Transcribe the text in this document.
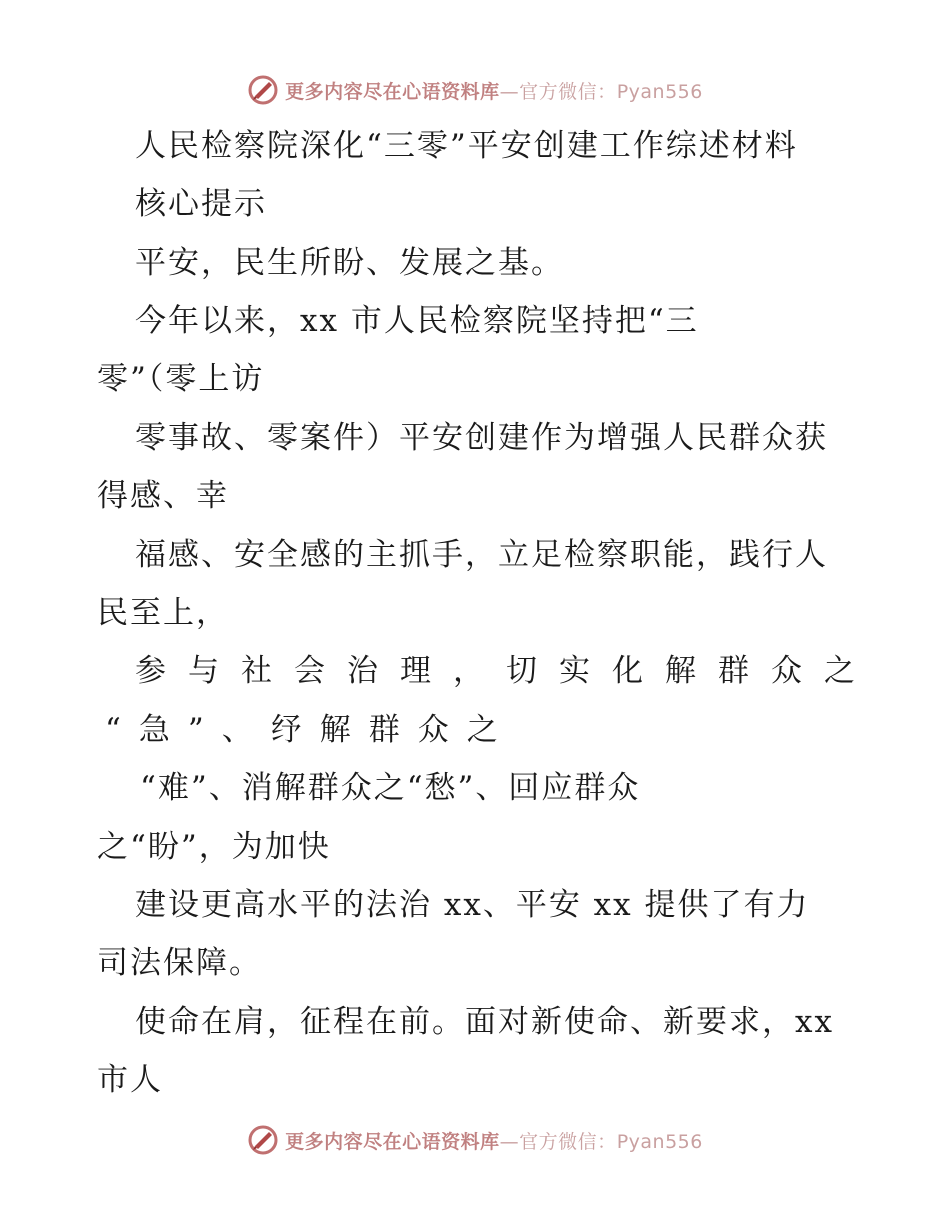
更多内容尽在心语资料库—官方微信：Pyan556
人民检察院深化“三零”平安创建工作综述材料
核心提示
平安，民生所盼、发展之基。
今年以来，xx 市人民检察院坚持把“三
零”（零上访
零事故、零案件）平安创建作为增强人民群众获
得感、幸
福感、安全感的主抓手，立足检察职能，践行人
民至上，
参与社会治理，切实化解群众之
“急”、纾解群众之
“难”、消解群众之“愁”、回应群众
之“盼”，为加快
建设更高水平的法治 xx、平安 xx 提供了有力
司法保障。
使命在肩，征程在前。面对新使命、新要求，xx
市人
更多内容尽在心语资料库—官方微信：Pyan556
